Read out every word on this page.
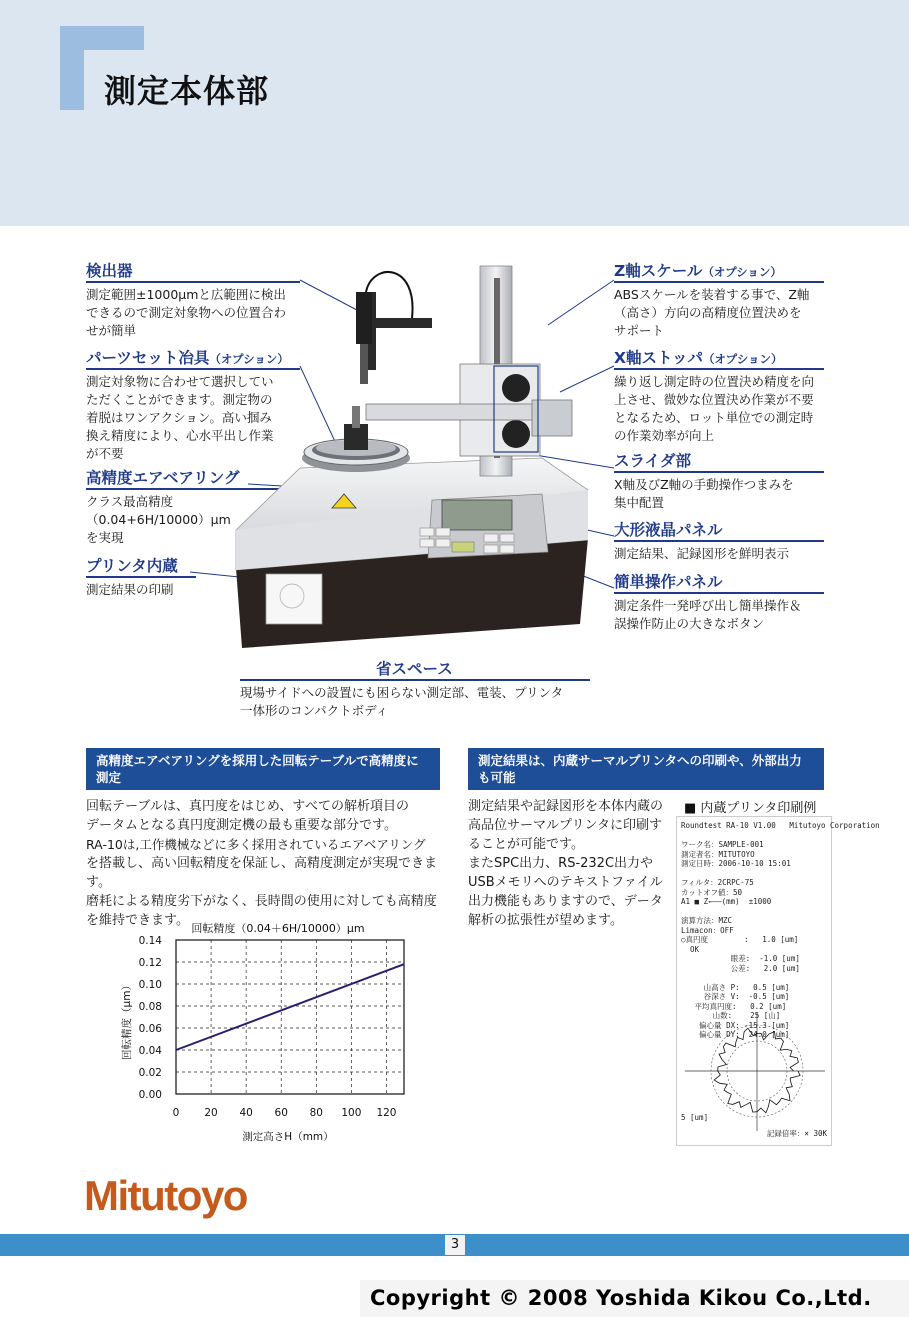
測定本体部
検出器
測定範囲±1000μmと広範囲に検出
できるので測定対象物への位置合わ
せが簡単
パーツセット冶具（オプション）
測定対象物に合わせて選択してい
ただくことができます。測定物の
着脱はワンアクション。高い掴み
換え精度により、心水平出し作業
が不要
高精度エアベアリング
クラス最高精度
（0.04+6H/10000）μm
を実現
プリンタ内蔵
測定結果の印刷
Z軸スケール（オプション）
ABSスケールを装着する事で、Z軸
（高さ）方向の高精度位置決めを
サポート
X軸ストッパ（オプション）
繰り返し測定時の位置決め精度を向
上させ、微妙な位置決め作業が不要
となるため、ロット単位での測定時
の作業効率が向上
スライダ部
X軸及びZ軸の手動操作つまみを
集中配置
大形液晶パネル
測定結果、記録図形を鮮明表示
簡単操作パネル
測定条件一発呼び出し簡単操作＆
誤操作防止の大きなボタン
省スペース
現場サイドへの設置にも困らない測定部、電装、プリンタ
一体形のコンパクトボディ
高精度エアベアリングを採用した回転テーブルで高精度に
測定
回転テーブルは、真円度をはじめ、すべての解析項目の
データムとなる真円度測定機の最も重要な部分です。
RA-10は,工作機械などに多く採用されているエアベアリング
を搭載し、高い回転精度を保証し、高精度測定が実現できま
す。
磨耗による精度劣下がなく、長時間の使用に対しても高精度
を維持できます。
回転精度（0.04＋6H/10000）μm
0.00
0.02
0.04
0.06
0.08
0.10
0.12
0.14
0 20 40 60 80 100 120
測定高さH（mm）
回転精度（μm）
測定結果は、内蔵サーマルプリンタへの印刷や、外部出力
も可能
測定結果や記録図形を本体内蔵の
高品位サーマルプリンタに印刷す
ることが可能です。
またSPC出力、RS-232C出力や
USBメモリへのテキストファイル
出力機能もありますので、データ
解析の拡張性が望めます。
■ 内蔵プリンタ印刷例
Roundtest RA-10 V1.00   Mitutoyo Corporation

ワーク名：SAMPLE-001
測定者名：MITUTOYO
測定日時：2006-10-10 15:01

フィルタ：2CRPC-75
カットオフ値：50
A1 ■ Z←――(mm)  ±1000

演算方法：MZC
Limacon：OFF
○真円度        :   1.0 [um]
OK
眼差:  -1.0 [um]
公差:   2.0 [um]

山高さ P:   0.5 [um]
谷深さ V:  -0.5 [um]
平均真円度:   0.2 [um]
山数:    25 [山]
偏心量 DX: -15.3 [um]
偏心量 DY:  24.0 [um]
5 [um]
記録倍率：× 30K
Mitutoyo
3
Copyright © 2008 Yoshida Kikou Co.,Ltd.
